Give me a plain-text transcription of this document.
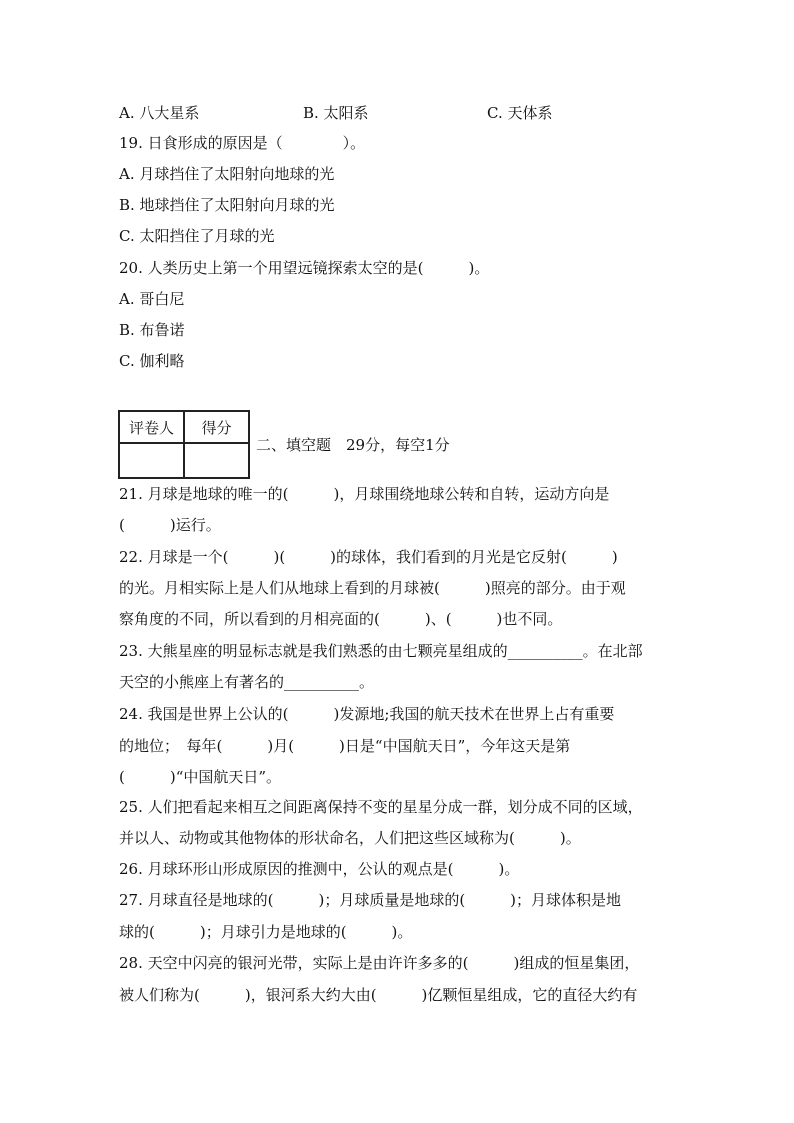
A. 八大星系	B. 太阳系	C. 天体系
19. 日食形成的原因是（　　　　）。
A. 月球挡住了太阳射向地球的光
B. 地球挡住了太阳射向月球的光
C. 太阳挡住了月球的光
20. 人类历史上第一个用望远镜探索太空的是(　　　)。
A. 哥白尼
B. 布鲁诺
C. 伽利略
评卷人	得分

二、填空题　29分，每空1分
21. 月球是地球的唯一的(　　　)，月球围绕地球公转和自转，运动方向是
(　　　)运行。
22. 月球是一个(　　　)(　　　)的球体，我们看到的月光是它反射(　　　)
的光。月相实际上是人们从地球上看到的月球被(　　　)照亮的部分。由于观
察角度的不同，所以看到的月相亮面的(　　　)、(　　　)也不同。
23. 大熊星座的明显标志就是我们熟悉的由七颗亮星组成的__________。在北部
天空的小熊座上有著名的__________。
24. 我国是世界上公认的(　　　)发源地;我国的航天技术在世界上占有重要
的地位；　每年(　　　)月(　　　)日是“中国航天日”，今年这天是第
(　　　)“中国航天日”。
25. 人们把看起来相互之间距离保持不变的星星分成一群，划分成不同的区域，
并以人、动物或其他物体的形状命名，人们把这些区域称为(　　　)。
26. 月球环形山形成原因的推测中，公认的观点是(　　　)。
27. 月球直径是地球的(　　　)；月球质量是地球的(　　　)；月球体积是地
球的(　　　)；月球引力是地球的(　　　)。
28. 天空中闪亮的银河光带，实际上是由许许多多的(　　　)组成的恒星集团，
被人们称为(　　　)，银河系大约大由(　　　)亿颗恒星组成，它的直径大约有
